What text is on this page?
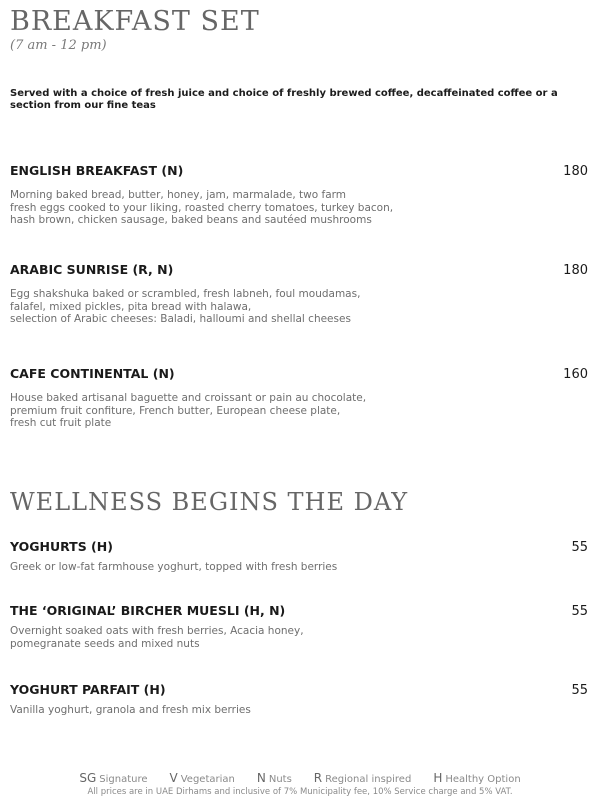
BREAKFAST SET
(7 am - 12 pm)
Served with a choice of fresh juice and choice of freshly brewed coffee, decaffeinated coffee or a section from our fine teas
ENGLISH BREAKFAST (N)	180
Morning baked bread, butter, honey, jam, marmalade, two farm
fresh eggs cooked to your liking, roasted cherry tomatoes, turkey bacon,
hash brown, chicken sausage, baked beans and sautéed mushrooms
ARABIC SUNRISE (R, N)	180
Egg shakshuka baked or scrambled, fresh labneh, foul moudamas,
falafel, mixed pickles, pita bread with halawa,
selection of Arabic cheeses: Baladi, halloumi and shellal cheeses
CAFE CONTINENTAL (N)	160
House baked artisanal baguette and croissant or pain au chocolate,
premium fruit confiture, French butter, European cheese plate,
fresh cut fruit plate
WELLNESS BEGINS THE DAY
YOGHURTS (H)	55
Greek or low-fat farmhouse yoghurt, topped with fresh berries
THE ‘ORIGINAL’ BIRCHER MUESLI (H, N)	55
Overnight soaked oats with fresh berries, Acacia honey,
pomegranate seeds and mixed nuts
YOGHURT PARFAIT (H)	55
Vanilla yoghurt, granola and fresh mix berries
SG Signature V Vegetarian N Nuts R Regional inspired H Healthy Option
All prices are in UAE Dirhams and inclusive of 7% Municipality fee, 10% Service charge and 5% VAT.
